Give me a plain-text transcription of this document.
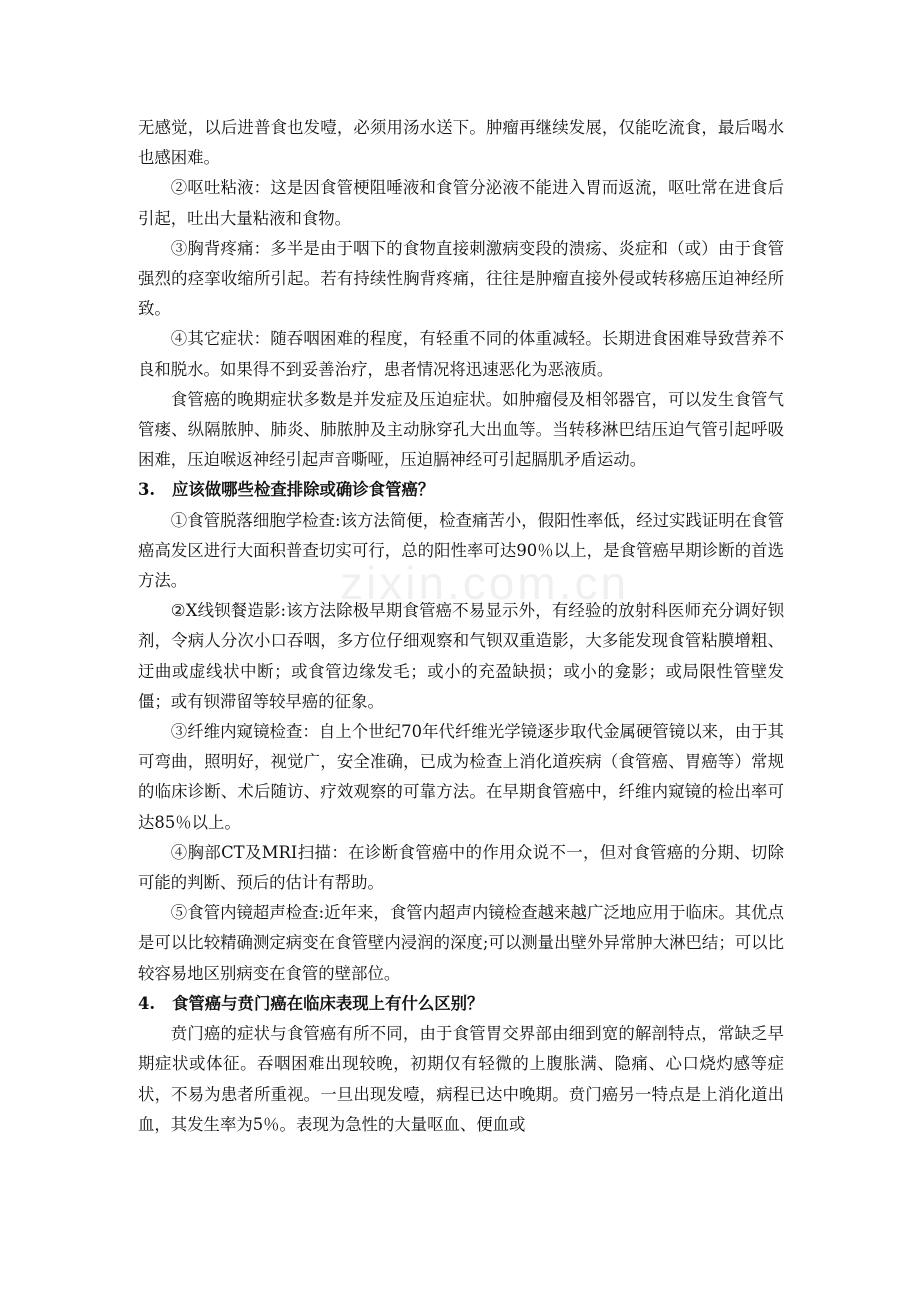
zixin.com.cn

无感觉，以后进普食也发噎，必须用汤水送下。肿瘤再继续发展，仅能吃流食，最后喝水也感困难。

②呕吐粘液：这是因食管梗阻唾液和食管分泌液不能进入胃而返流，呕吐常在进食后引起，吐出大量粘液和食物。

③胸背疼痛：多半是由于咽下的食物直接刺激病变段的溃疡、炎症和（或）由于食管强烈的痉挛收缩所引起。若有持续性胸背疼痛，往往是肿瘤直接外侵或转移癌压迫神经所致。

④其它症状：随吞咽困难的程度，有轻重不同的体重减轻。长期进食困难导致营养不良和脱水。如果得不到妥善治疗，患者情况将迅速恶化为恶液质。

食管癌的晚期症状多数是并发症及压迫症状。如肿瘤侵及相邻器官，可以发生食管气管瘘、纵隔脓肿、肺炎、肺脓肿及主动脉穿孔大出血等。当转移淋巴结压迫气管引起呼吸困难，压迫喉返神经引起声音嘶哑，压迫膈神经可引起膈肌矛盾运动。

3. 应该做哪些检查排除或确诊食管癌？

①食管脱落细胞学检查:该方法简便，检查痛苦小，假阳性率低，经过实践证明在食管癌高发区进行大面积普查切实可行，总的阳性率可达90％以上，是食管癌早期诊断的首选方法。

②X线钡餐造影:该方法除极早期食管癌不易显示外，有经验的放射科医师充分调好钡剂，令病人分次小口吞咽，多方位仔细观察和气钡双重造影，大多能发现食管粘膜增粗、迂曲或虚线状中断；或食管边缘发毛；或小的充盈缺损；或小的龛影；或局限性管壁发僵；或有钡滞留等较早癌的征象。

③纤维内窥镜检查：自上个世纪70年代纤维光学镜逐步取代金属硬管镜以来，由于其可弯曲，照明好，视觉广，安全准确，已成为检查上消化道疾病（食管癌、胃癌等）常规的临床诊断、术后随访、疗效观察的可靠方法。在早期食管癌中，纤维内窥镜的检出率可达85％以上。

④胸部CT及MRI扫描：在诊断食管癌中的作用众说不一，但对食管癌的分期、切除可能的判断、预后的估计有帮助。

⑤食管内镜超声检查:近年来，食管内超声内镜检查越来越广泛地应用于临床。其优点是可以比较精确测定病变在食管壁内浸润的深度;可以测量出壁外异常肿大淋巴结；可以比较容易地区别病变在食管的壁部位。

4. 食管癌与贲门癌在临床表现上有什么区别？

贲门癌的症状与食管癌有所不同，由于食管胃交界部由细到宽的解剖特点，常缺乏早期症状或体征。吞咽困难出现较晚，初期仅有轻微的上腹胀满、隐痛、心口烧灼感等症状，不易为患者所重视。一旦出现发噎，病程已达中晚期。贲门癌另一特点是上消化道出血，其发生率为5％。表现为急性的大量呕血、便血或
